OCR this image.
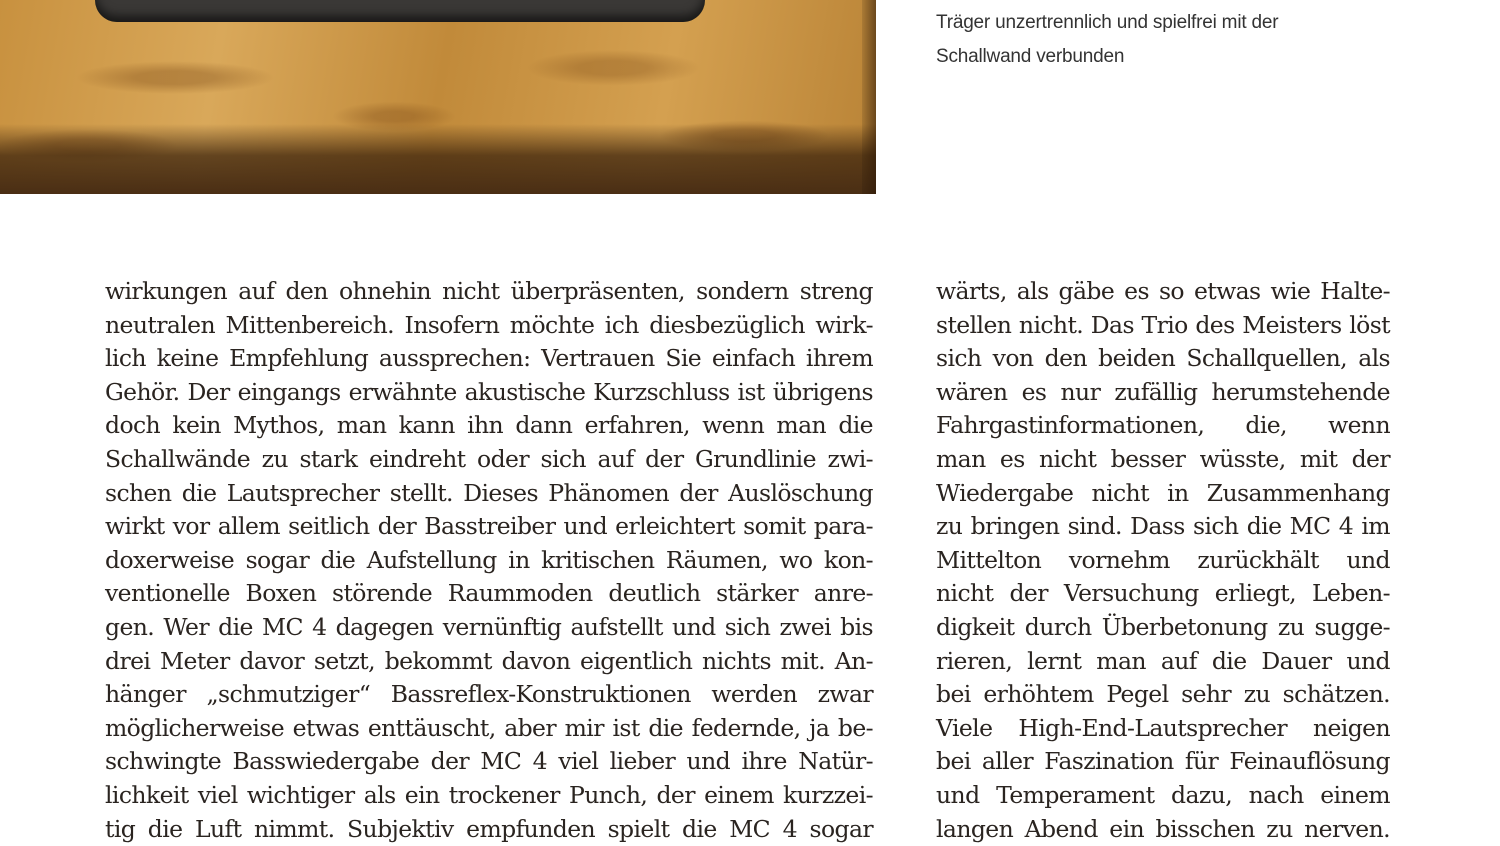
Träger unzertrennlich und spielfrei mit der
Schallwand verbunden
wirkungen auf den ohnehin nicht überpräsenten, sondern streng
neutralen Mittenbereich. Insofern möchte ich diesbezüglich wirk-
lich keine Empfehlung aussprechen: Vertrauen Sie einfach ihrem
Gehör. Der eingangs erwähnte akustische Kurzschluss ist übrigens
doch kein Mythos, man kann ihn dann erfahren, wenn man die
Schallwände zu stark eindreht oder sich auf der Grundlinie zwi-
schen die Lautsprecher stellt. Dieses Phänomen der Auslöschung
wirkt vor allem seitlich der Basstreiber und erleichtert somit para-
doxerweise sogar die Aufstellung in kritischen Räumen, wo kon-
ventionelle Boxen störende Raummoden deutlich stärker anre-
gen. Wer die MC 4 dagegen vernünftig aufstellt und sich zwei bis
drei Meter davor setzt, bekommt davon eigentlich nichts mit. An-
hänger „schmutziger“ Bassreflex-Konstruktionen werden zwar
möglicherweise etwas enttäuscht, aber mir ist die federnde, ja be-
schwingte Basswiedergabe der MC 4 viel lieber und ihre Natür-
lichkeit viel wichtiger als ein trockener Punch, der einem kurzzei-
tig die Luft nimmt. Subjektiv empfunden spielt die MC 4 sogar
wärts, als gäbe es so etwas wie Halte-
stellen nicht. Das Trio des Meisters löst
sich von den beiden Schallquellen, als
wären es nur zufällig herumstehende
Fahrgastinformationen, die, wenn
man es nicht besser wüsste, mit der
Wiedergabe nicht in Zusammenhang
zu bringen sind. Dass sich die MC 4 im
Mittelton vornehm zurückhält und
nicht der Versuchung erliegt, Leben-
digkeit durch Überbetonung zu sugge-
rieren, lernt man auf die Dauer und
bei erhöhtem Pegel sehr zu schätzen.
Viele High-End-Lautsprecher neigen
bei aller Faszination für Feinauflösung
und Temperament dazu, nach einem
langen Abend ein bisschen zu nerven.
